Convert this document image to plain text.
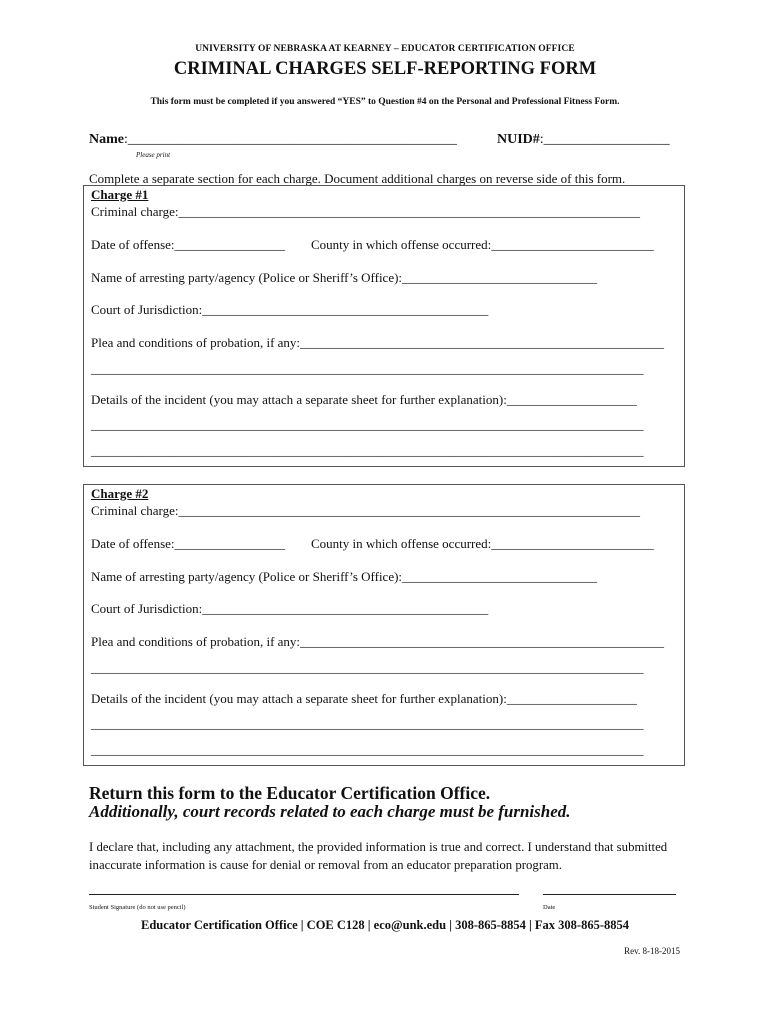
UNIVERSITY OF NEBRASKA AT KEARNEY – EDUCATOR CERTIFICATION OFFICE
CRIMINAL CHARGES SELF-REPORTING FORM
This form must be completed if you answered “YES” to Question #4 on the Personal and Professional Fitness Form.
Name:_______________________________________________	NUID#:__________________
Please print
Complete a separate section for each charge. Document additional charges on reverse side of this form.
Charge #1
Criminal charge:_______________________________________________________________________
Date of offense:_________________ County in which offense occurred:_________________________
Name of arresting party/agency (Police or Sheriff’s Office):______________________________
Court of Jurisdiction:____________________________________________
Plea and conditions of probation, if any:________________________________________________________
_____________________________________________________________________________________
Details of the incident (you may attach a separate sheet for further explanation):____________________
_____________________________________________________________________________________
_____________________________________________________________________________________
Charge #2
Criminal charge:_______________________________________________________________________
Date of offense:_________________ County in which offense occurred:_________________________
Name of arresting party/agency (Police or Sheriff’s Office):______________________________
Court of Jurisdiction:____________________________________________
Plea and conditions of probation, if any:________________________________________________________
_____________________________________________________________________________________
Details of the incident (you may attach a separate sheet for further explanation):____________________
_____________________________________________________________________________________
_____________________________________________________________________________________
Return this form to the Educator Certification Office.
Additionally, court records related to each charge must be furnished.
I declare that, including any attachment, the provided information is true and correct. I understand that submitted inaccurate information is cause for denial or removal from an educator preparation program.
Student Signature (do not use pencil)	Date
Educator Certification Office | COE C128 | eco@unk.edu | 308-865-8854 | Fax 308-865-8854
Rev. 8-18-2015
